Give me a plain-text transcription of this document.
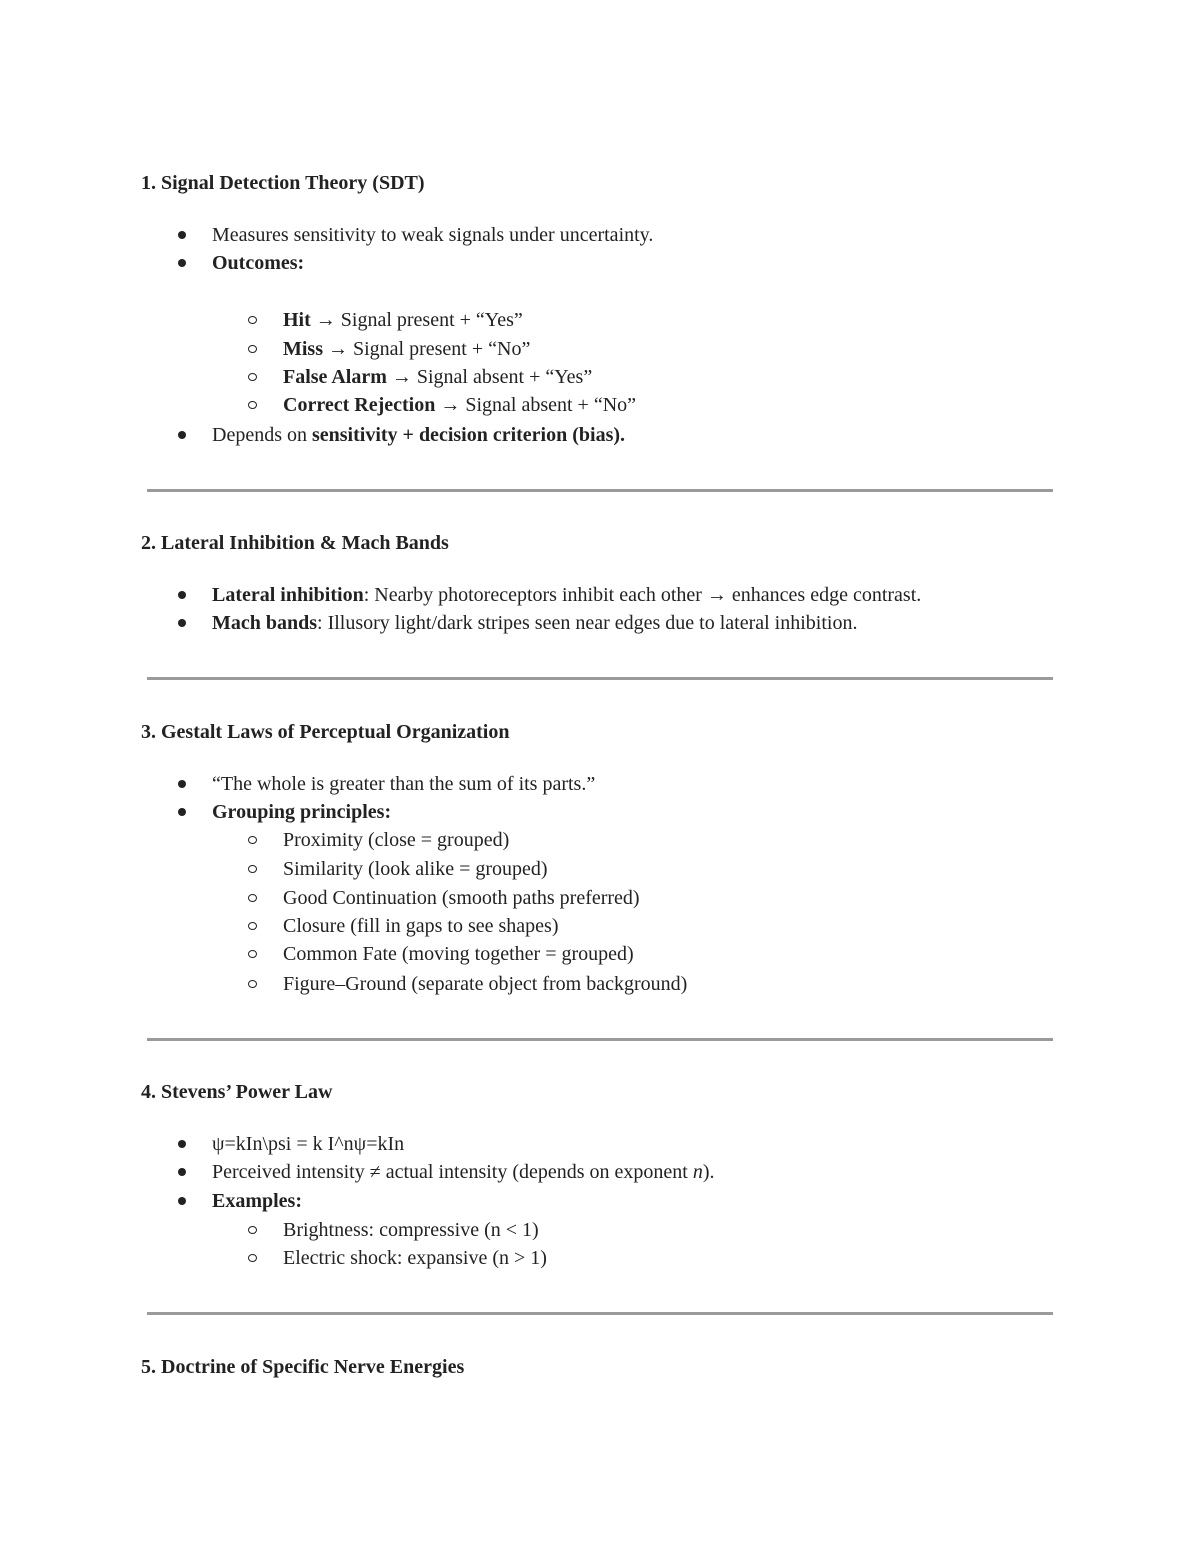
1. Signal Detection Theory (SDT)
Measures sensitivity to weak signals under uncertainty.
Outcomes:
Hit → Signal present + “Yes”
Miss → Signal present + “No”
False Alarm → Signal absent + “Yes”
Correct Rejection → Signal absent + “No”
Depends on sensitivity + decision criterion (bias).
2. Lateral Inhibition & Mach Bands
Lateral inhibition: Nearby photoreceptors inhibit each other → enhances edge contrast.
Mach bands: Illusory light/dark stripes seen near edges due to lateral inhibition.
3. Gestalt Laws of Perceptual Organization
“The whole is greater than the sum of its parts.”
Grouping principles:
Proximity (close = grouped)
Similarity (look alike = grouped)
Good Continuation (smooth paths preferred)
Closure (fill in gaps to see shapes)
Common Fate (moving together = grouped)
Figure–Ground (separate object from background)
4. Stevens’ Power Law
ψ=kIn\psi = k I^nψ=kIn
Perceived intensity ≠ actual intensity (depends on exponent n).
Examples:
Brightness: compressive (n < 1)
Electric shock: expansive (n > 1)
5. Doctrine of Specific Nerve Energies
